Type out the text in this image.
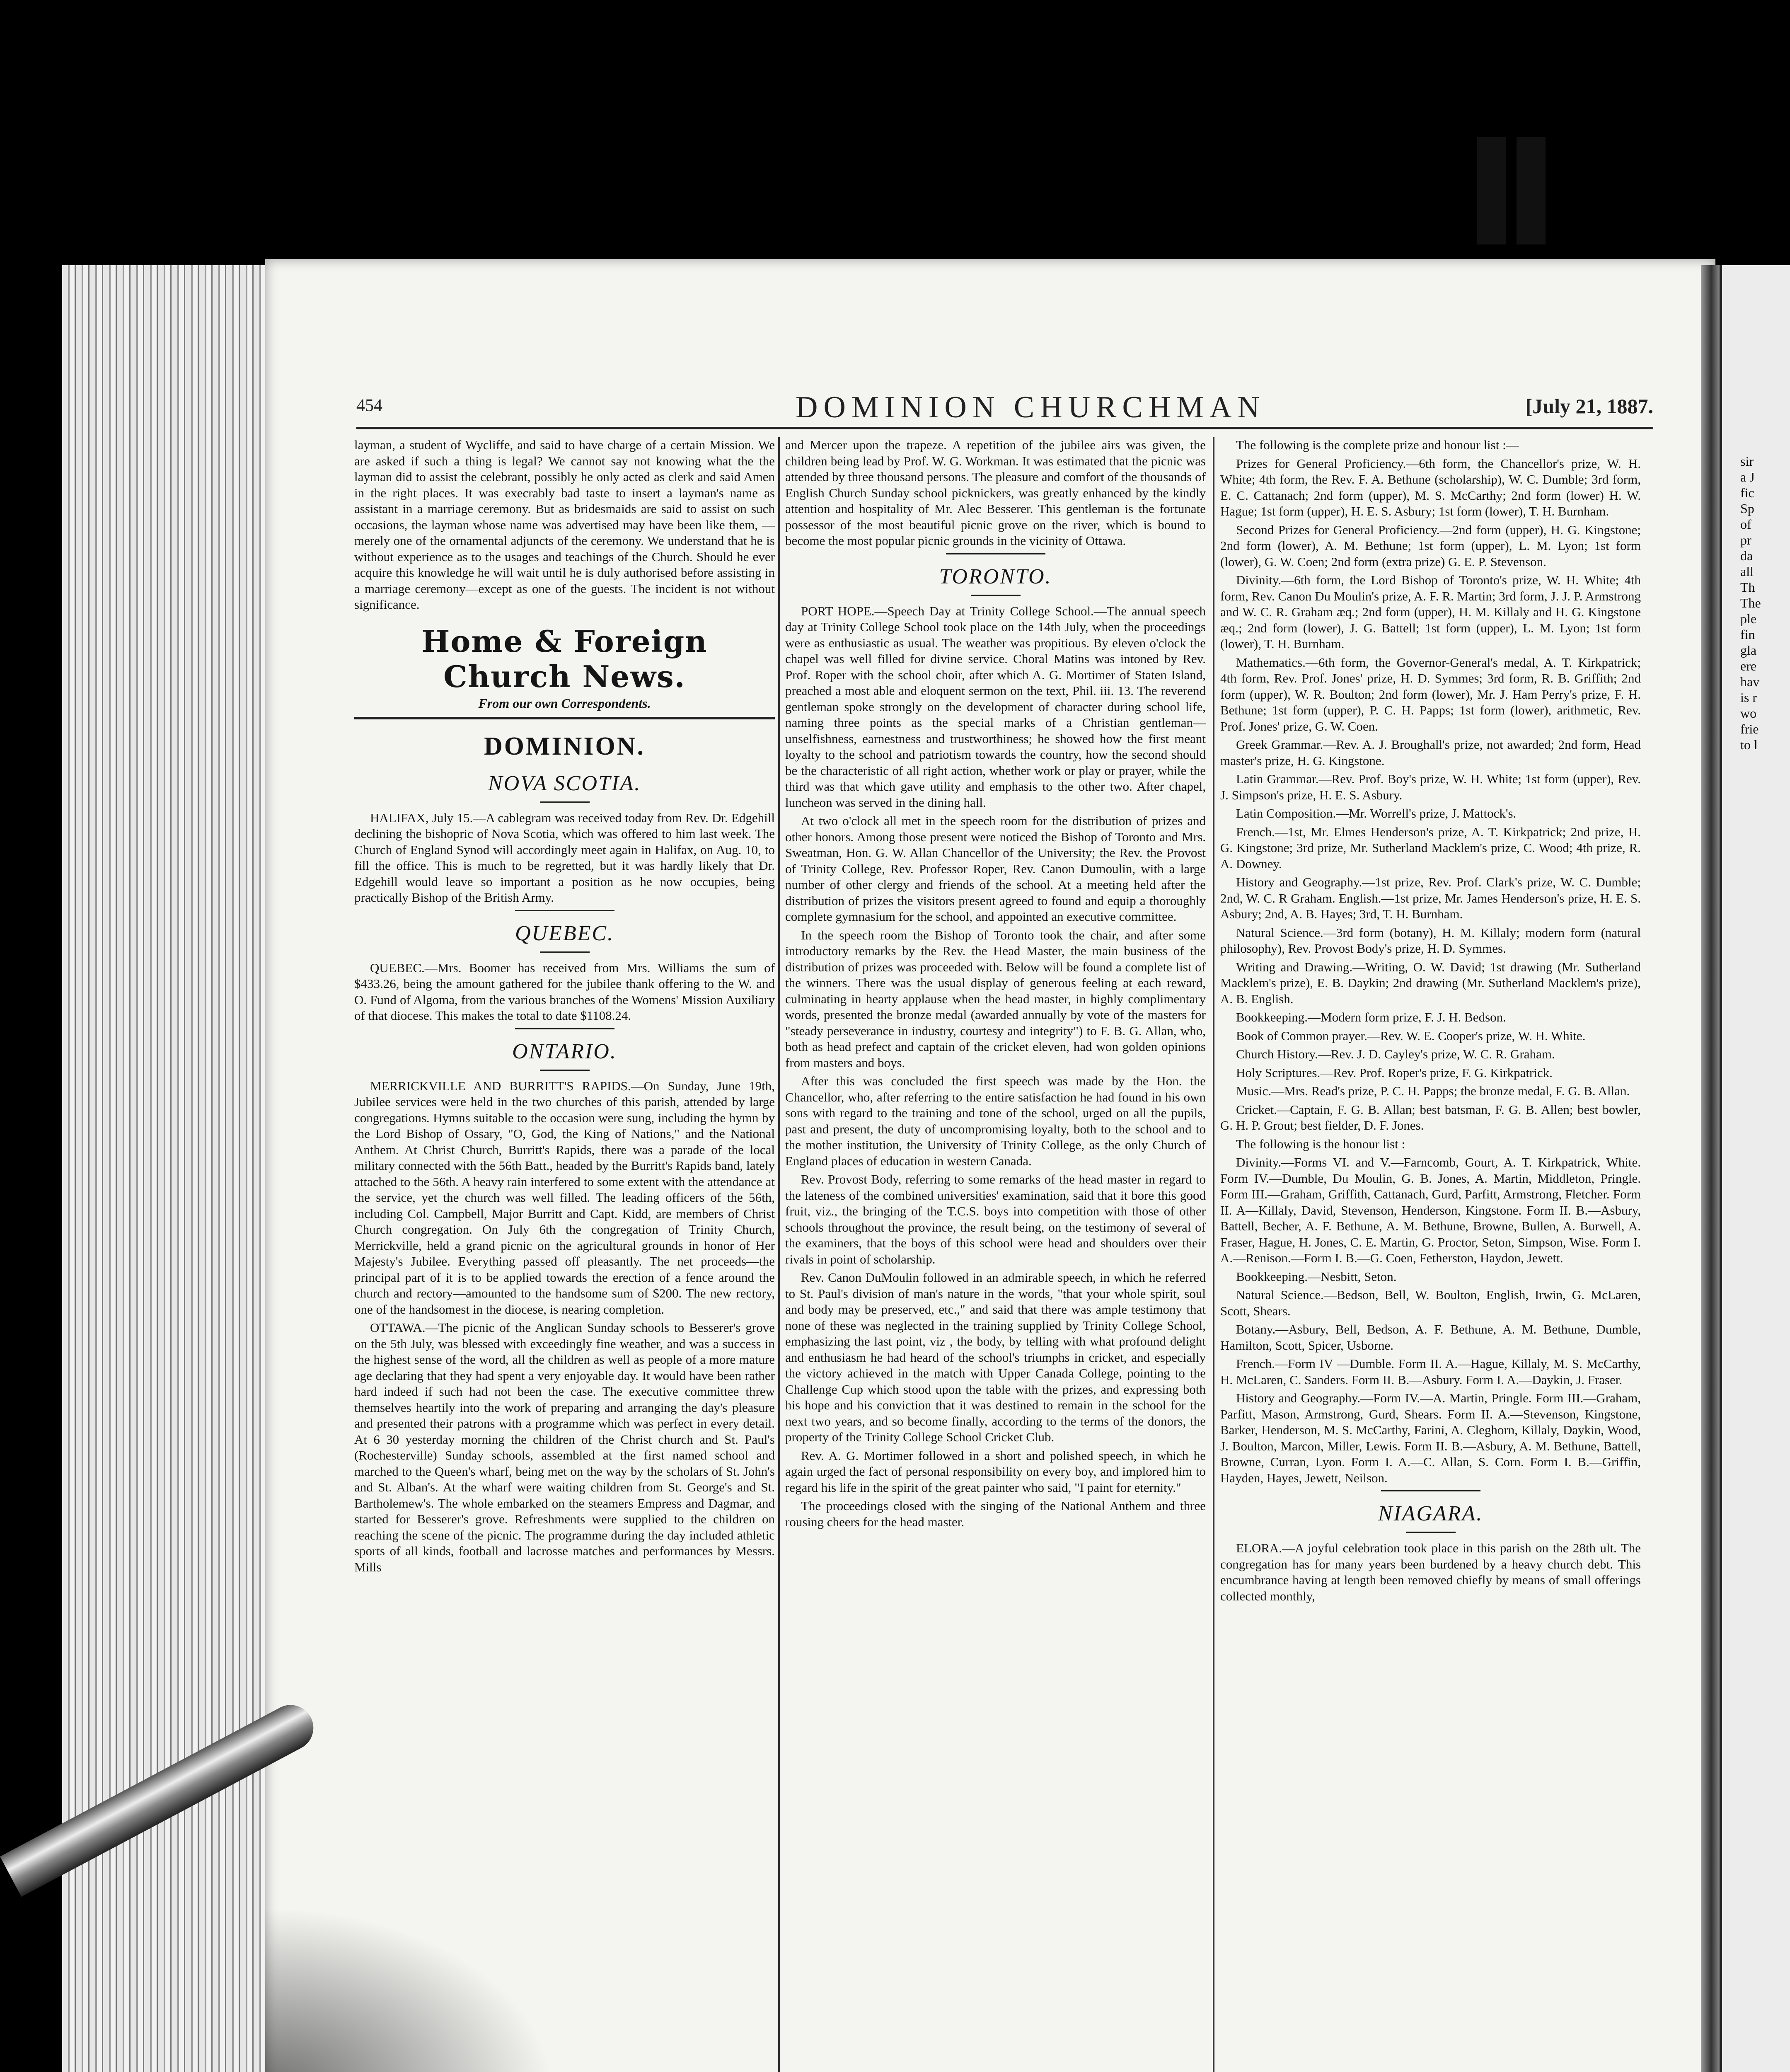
454	DOMINION CHURCHMAN	[July 21, 1887.

layman, a student of Wycliffe, and said to have charge of a certain Mission. We are asked if such a thing is legal? We cannot say not knowing what the the layman did to assist the celebrant, possibly he only acted as clerk and said Amen in the right places. It was execrably bad taste to insert a layman's name as assistant in a marriage ceremony. But as bridesmaids are said to assist on such occasions, the layman whose name was advertised may have been like them, —merely one of the ornamental adjuncts of the ceremony. We understand that he is without experience as to the usages and teachings of the Church. Should he ever acquire this knowledge he will wait until he is duly authorised before assisting in a marriage ceremony—except as one of the guests. The incident is not without significance.

Home & Foreign Church News.
From our own Correspondents.
DOMINION.
NOVA SCOTIA.

HALIFAX, July 15.—A cablegram was received today from Rev. Dr. Edgehill declining the bishopric of Nova Scotia, which was offered to him last week. The Church of England Synod will accordingly meet again in Halifax, on Aug. 10, to fill the office. This is much to be regretted, but it was hardly likely that Dr. Edgehill would leave so important a position as he now occupies, being practically Bishop of the British Army.

QUEBEC.

QUEBEC.—Mrs. Boomer has received from Mrs. Williams the sum of $433.26, being the amount gathered for the jubilee thank offering to the W. and O. Fund of Algoma, from the various branches of the Womens' Mission Auxiliary of that diocese. This makes the total to date $1108.24.

ONTARIO.

MERRICKVILLE AND BURRITT'S RAPIDS.—On Sunday, June 19th, Jubilee services were held in the two churches of this parish, attended by large congregations. Hymns suitable to the occasion were sung, including the hymn by the Lord Bishop of Ossary, "O, God, the King of Nations," and the National Anthem. At Christ Church, Burritt's Rapids, there was a parade of the local military connected with the 56th Batt., headed by the Burritt's Rapids band, lately attached to the 56th. A heavy rain interfered to some extent with the attendance at the service, yet the church was well filled. The leading officers of the 56th, including Col. Campbell, Major Burritt and Capt. Kidd, are members of Christ Church congregation. On July 6th the congregation of Trinity Church, Merrickville, held a grand picnic on the agricultural grounds in honor of Her Majesty's Jubilee. Everything passed off pleasantly. The net proceeds—the principal part of it is to be applied towards the erection of a fence around the church and rectory—amounted to the handsome sum of $200. The new rectory, one of the handsomest in the diocese, is nearing completion.

OTTAWA.—The picnic of the Anglican Sunday schools to Besserer's grove on the 5th July, was blessed with exceedingly fine weather, and was a success in the highest sense of the word, all the children as well as people of a more mature age declaring that they had spent a very enjoyable day. It would have been rather hard indeed if such had not been the case. The executive committee threw themselves heartily into the work of preparing and arranging the day's pleasure and presented their patrons with a programme which was perfect in every detail. At 6 30 yesterday morning the children of the Christ church and St. Paul's (Rochesterville) Sunday schools, assembled at the first named school and marched to the Queen's wharf, being met on the way by the scholars of St. John's and St. Alban's. At the wharf were waiting children from St. George's and St. Bartholemew's. The whole embarked on the steamers Empress and Dagmar, and started for Besserer's grove. Refreshments were supplied to the children on reaching the scene of the picnic. The programme during the day included athletic sports of all kinds, football and lacrosse matches and performances by Messrs. Mills

and Mercer upon the trapeze. A repetition of the jubilee airs was given, the children being lead by Prof. W. G. Workman. It was estimated that the picnic was attended by three thousand persons. The pleasure and comfort of the thousands of English Church Sunday school picknickers, was greatly enhanced by the kindly attention and hospitality of Mr. Alec Besserer. This gentleman is the fortunate possessor of the most beautiful picnic grove on the river, which is bound to become the most popular picnic grounds in the vicinity of Ottawa.

TORONTO.

PORT HOPE.—Speech Day at Trinity College School.—The annual speech day at Trinity College School took place on the 14th July, when the proceedings were as enthusiastic as usual. The weather was propitious. By eleven o'clock the chapel was well filled for divine service. Choral Matins was intoned by Rev. Prof. Roper with the school choir, after which A. G. Mortimer of Staten Island, preached a most able and eloquent sermon on the text, Phil. iii. 13. The reverend gentleman spoke strongly on the development of character during school life, naming three points as the special marks of a Christian gentleman—unselfishness, earnestness and trustworthiness; he showed how the first meant loyalty to the school and patriotism towards the country, how the second should be the characteristic of all right action, whether work or play or prayer, while the third was that which gave utility and emphasis to the other two. After chapel, luncheon was served in the dining hall.

At two o'clock all met in the speech room for the distribution of prizes and other honors. Among those present were noticed the Bishop of Toronto and Mrs. Sweatman, Hon. G. W. Allan Chancellor of the University; the Rev. the Provost of Trinity College, Rev. Professor Roper, Rev. Canon Dumoulin, with a large number of other clergy and friends of the school. At a meeting held after the distribution of prizes the visitors present agreed to found and equip a thoroughly complete gymnasium for the school, and appointed an executive committee.

In the speech room the Bishop of Toronto took the chair, and after some introductory remarks by the Rev. the Head Master, the main business of the distribution of prizes was proceeded with. Below will be found a complete list of the winners. There was the usual display of generous feeling at each reward, culminating in hearty applause when the head master, in highly complimentary words, presented the bronze medal (awarded annually by vote of the masters for "steady perseverance in industry, courtesy and integrity") to F. B. G. Allan, who, both as head prefect and captain of the cricket eleven, had won golden opinions from masters and boys.

After this was concluded the first speech was made by the Hon. the Chancellor, who, after referring to the entire satisfaction he had found in his own sons with regard to the training and tone of the school, urged on all the pupils, past and present, the duty of uncompromising loyalty, both to the school and to the mother institution, the University of Trinity College, as the only Church of England places of education in western Canada.

Rev. Provost Body, referring to some remarks of the head master in regard to the lateness of the combined universities' examination, said that it bore this good fruit, viz., the bringing of the T.C.S. boys into competition with those of other schools throughout the province, the result being, on the testimony of several of the examiners, that the boys of this school were head and shoulders over their rivals in point of scholarship.

Rev. Canon DuMoulin followed in an admirable speech, in which he referred to St. Paul's division of man's nature in the words, "that your whole spirit, soul and body may be preserved, etc.," and said that there was ample testimony that none of these was neglected in the training supplied by Trinity College School, emphasizing the last point, viz , the body, by telling with what profound delight and enthusiasm he had heard of the school's triumphs in cricket, and especially the victory achieved in the match with Upper Canada College, pointing to the Challenge Cup which stood upon the table with the prizes, and expressing both his hope and his conviction that it was destined to remain in the school for the next two years, and so become finally, according to the terms of the donors, the property of the Trinity College School Cricket Club.

Rev. A. G. Mortimer followed in a short and polished speech, in which he again urged the fact of personal responsibility on every boy, and implored him to regard his life in the spirit of the great painter who said, "I paint for eternity."

The proceedings closed with the singing of the National Anthem and three rousing cheers for the head master.

The following is the complete prize and honour list :—

Prizes for General Proficiency.—6th form, the Chancellor's prize, W. H. White; 4th form, the Rev. F. A. Bethune (scholarship), W. C. Dumble; 3rd form, E. C. Cattanach; 2nd form (upper), M. S. McCarthy; 2nd form (lower) H. W. Hague; 1st form (upper), H. E. S. Asbury; 1st form (lower), T. H. Burnham.

Second Prizes for General Proficiency.—2nd form (upper), H. G. Kingstone; 2nd form (lower), A. M. Bethune; 1st form (upper), L. M. Lyon; 1st form (lower), G. W. Coen; 2nd form (extra prize) G. E. P. Stevenson.

Divinity.—6th form, the Lord Bishop of Toronto's prize, W. H. White; 4th form, Rev. Canon Du Moulin's prize, A. F. R. Martin; 3rd form, J. J. P. Armstrong and W. C. R. Graham æq.; 2nd form (upper), H. M. Killaly and H. G. Kingstone æq.; 2nd form (lower), J. G. Battell; 1st form (upper), L. M. Lyon; 1st form (lower), T. H. Burnham.

Mathematics.—6th form, the Governor-General's medal, A. T. Kirkpatrick; 4th form, Rev. Prof. Jones' prize, H. D. Symmes; 3rd form, R. B. Griffith; 2nd form (upper), W. R. Boulton; 2nd form (lower), Mr. J. Ham Perry's prize, F. H. Bethune; 1st form (upper), P. C. H. Papps; 1st form (lower), arithmetic, Rev. Prof. Jones' prize, G. W. Coen.

Greek Grammar.—Rev. A. J. Broughall's prize, not awarded; 2nd form, Head master's prize, H. G. Kingstone.

Latin Grammar.—Rev. Prof. Boy's prize, W. H. White; 1st form (upper), Rev. J. Simpson's prize, H. E. S. Asbury.

Latin Composition.—Mr. Worrell's prize, J. Mattock's.

French.—1st, Mr. Elmes Henderson's prize, A. T. Kirkpatrick; 2nd prize, H. G. Kingstone; 3rd prize, Mr. Sutherland Macklem's prize, C. Wood; 4th prize, R. A. Downey.

History and Geography.—1st prize, Rev. Prof. Clark's prize, W. C. Dumble; 2nd, W. C. R Graham. English.—1st prize, Mr. James Henderson's prize, H. E. S. Asbury; 2nd, A. B. Hayes; 3rd, T. H. Burnham.

Natural Science.—3rd form (botany), H. M. Killaly; modern form (natural philosophy), Rev. Provost Body's prize, H. D. Symmes.

Writing and Drawing.—Writing, O. W. David; 1st drawing (Mr. Sutherland Macklem's prize), E. B. Daykin; 2nd drawing (Mr. Sutherland Macklem's prize), A. B. English.

Bookkeeping.—Modern form prize, F. J. H. Bedson.

Book of Common prayer.—Rev. W. E. Cooper's prize, W. H. White.

Church History.—Rev. J. D. Cayley's prize, W. C. R. Graham.

Holy Scriptures.—Rev. Prof. Roper's prize, F. G. Kirkpatrick.

Music.—Mrs. Read's prize, P. C. H. Papps; the bronze medal, F. G. B. Allan.

Cricket.—Captain, F. G. B. Allan; best batsman, F. G. B. Allen; best bowler, G. H. P. Grout; best fielder, D. F. Jones.

The following is the honour list :

Divinity.—Forms VI. and V.—Farncomb, Gourt, A. T. Kirkpatrick, White. Form IV.—Dumble, Du Moulin, G. B. Jones, A. Martin, Middleton, Pringle. Form III.—Graham, Griffith, Cattanach, Gurd, Parfitt, Armstrong, Fletcher. Form II. A—Killaly, David, Stevenson, Henderson, Kingstone. Form II. B.—Asbury, Battell, Becher, A. F. Bethune, A. M. Bethune, Browne, Bullen, A. Burwell, A. Fraser, Hague, H. Jones, C. E. Martin, G. Proctor, Seton, Simpson, Wise. Form I. A.—Renison.—Form I. B.—G. Coen, Fetherston, Haydon, Jewett.

Bookkeeping.—Nesbitt, Seton.

Natural Science.—Bedson, Bell, W. Boulton, English, Irwin, G. McLaren, Scott, Shears.

Botany.—Asbury, Bell, Bedson, A. F. Bethune, A. M. Bethune, Dumble, Hamilton, Scott, Spicer, Usborne.

French.—Form IV —Dumble. Form II. A.—Hague, Killaly, M. S. McCarthy, H. McLaren, C. Sanders. Form II. B.—Asbury. Form I. A.—Daykin, J. Fraser.

History and Geography.—Form IV.—A. Martin, Pringle. Form III.—Graham, Parfitt, Mason, Armstrong, Gurd, Shears. Form II. A.—Stevenson, Kingstone, Barker, Henderson, M. S. McCarthy, Farini, A. Cleghorn, Killaly, Daykin, Wood, J. Boulton, Marcon, Miller, Lewis. Form II. B.—Asbury, A. M. Bethune, Battell, Browne, Curran, Lyon. Form I. A.—C. Allan, S. Corn. Form I. B.—Griffin, Hayden, Hayes, Jewett, Neilson.

NIAGARA.

ELORA.—A joyful celebration took place in this parish on the 28th ult. The congregation has for many years been burdened by a heavy church debt. This encumbrance having at length been removed chiefly by means of small offerings collected monthly,

sir
a J
fic
Sp
of
pr
da
all
Th
The
ple
fin
gla
ere
hav
is r
wo
frie
to l
